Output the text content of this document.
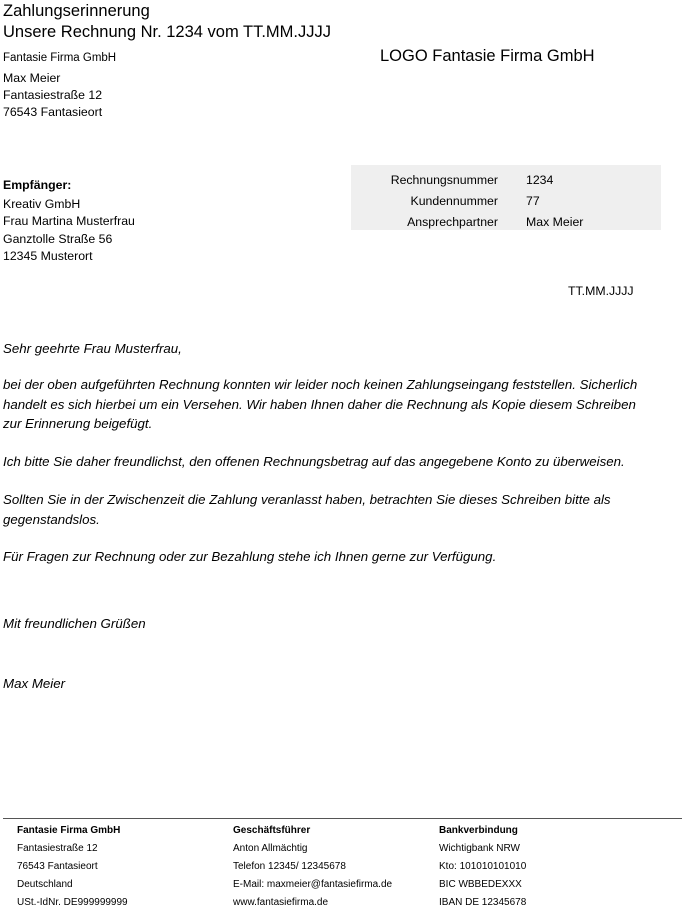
Zahlungserinnerung
Unsere Rechnung Nr. 1234 vom TT.MM.JJJJ
Fantasie Firma GmbH
Max Meier
Fantasiestraße 12
76543 Fantasieort
LOGO Fantasie Firma GmbH
Empfänger:
Kreativ GmbH
Frau Martina Musterfrau
Ganztolle Straße 56
12345 Musterort
Rechnungsnummer 1234
Kundennummer 77
Ansprechpartner Max Meier
TT.MM.JJJJ
Sehr geehrte Frau Musterfrau,
bei der oben aufgeführten Rechnung konnten wir leider noch keinen Zahlungseingang feststellen. Sicherlich handelt es sich hierbei um ein Versehen. Wir haben Ihnen daher die Rechnung als Kopie diesem Schreiben zur Erinnerung beigefügt.
Ich bitte Sie daher freundlichst, den offenen Rechnungsbetrag auf das angegebene Konto zu überweisen.
Sollten Sie in der Zwischenzeit die Zahlung veranlasst haben, betrachten Sie dieses Schreiben bitte als gegenstandslos.
Für Fragen zur Rechnung oder zur Bezahlung stehe ich Ihnen gerne zur Verfügung.
Mit freundlichen Grüßen
Max Meier
Fantasie Firma GmbH
Fantasiestraße 12
76543 Fantasieort
Deutschland
USt.-IdNr. DE999999999
Geschäftsführer
Anton Allmächtig
Telefon 12345/ 12345678
E-Mail: maxmeier@fantasiefirma.de
www.fantasiefirma.de
Bankverbindung
Wichtigbank NRW
Kto: 101010101010
BIC WBBEDEXXX
IBAN DE 12345678
